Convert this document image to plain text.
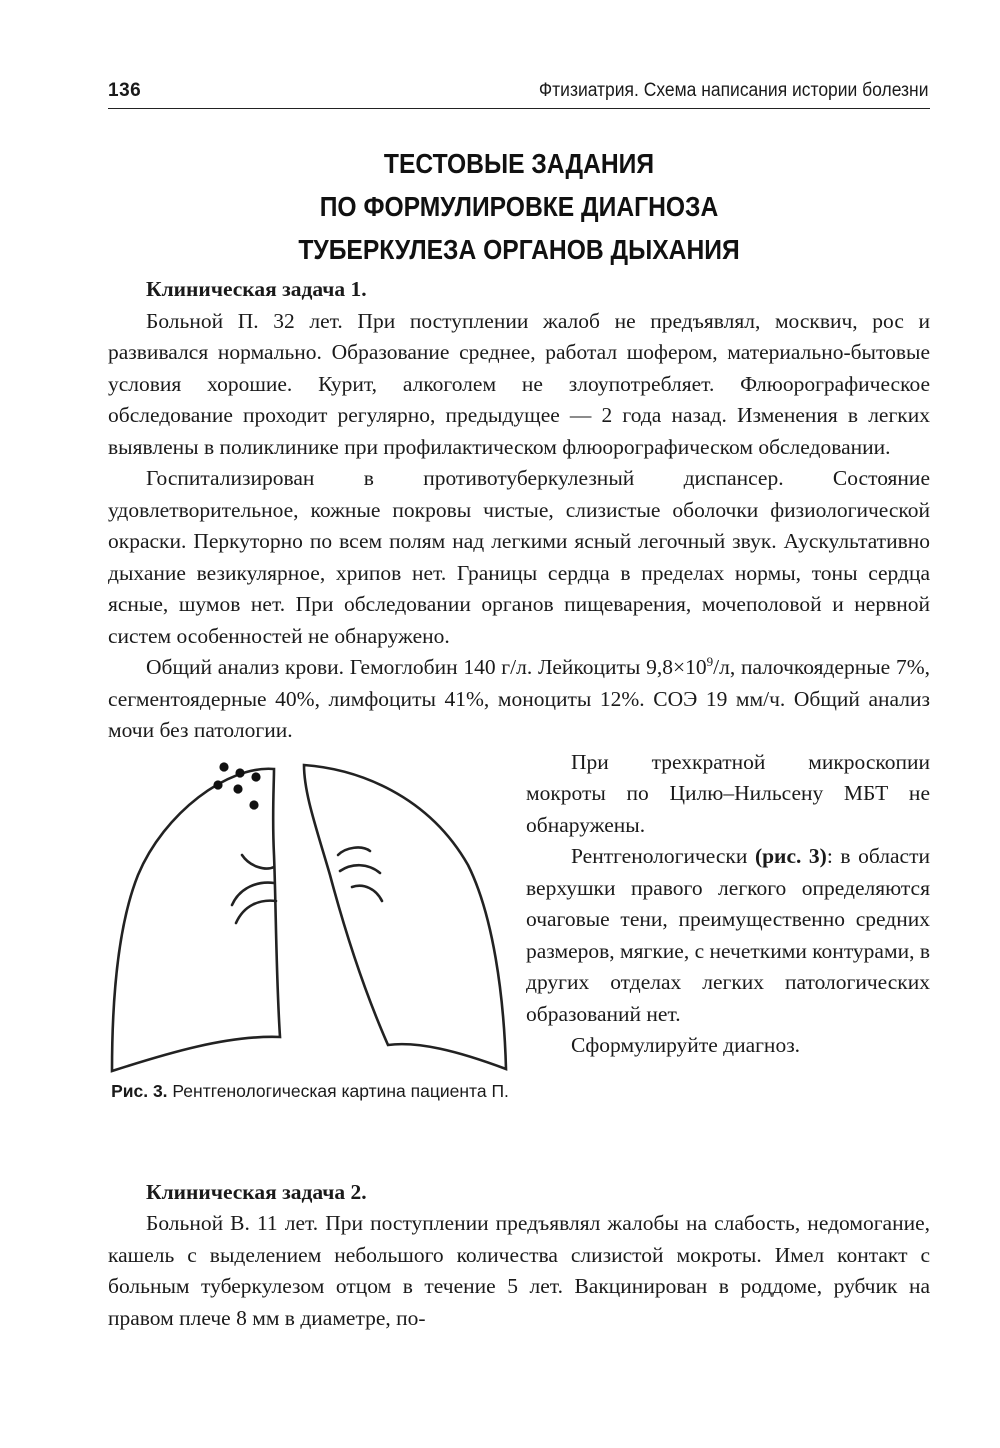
136	Фтизиатрия. Схема написания истории болезни
ТЕСТОВЫЕ ЗАДАНИЯ
ПО ФОРМУЛИРОВКЕ ДИАГНОЗА
ТУБЕРКУЛЕЗА ОРГАНОВ ДЫХАНИЯ

Клиническая задача 1.

Больной П. 32 лет. При поступлении жалоб не предъявлял, москвич, рос и развивался нормально. Образование среднее, работал шофером, материально-бытовые условия хорошие. Курит, алкоголем не злоупотребляет. Флюорографическое обследование проходит регулярно, предыдущее — 2 года назад. Изменения в легких выявлены в поликлинике при профилактическом флюорографическом обследовании.

Госпитализирован в противотуберкулезный диспансер. Состояние удовлетворительное, кожные покровы чистые, слизистые оболочки физиологической окраски. Перкуторно по всем полям над легкими ясный легочный звук. Аускультативно дыхание везикулярное, хрипов нет. Границы сердца в пределах нормы, тоны сердца ясные, шумов нет. При обследовании органов пищеварения, мочеполовой и нервной систем особенностей не обнаружено.

Общий анализ крови. Гемоглобин 140 г/л. Лейкоциты $9,8\times 10^9/л$, палочкоядерные 7%, сегментоядерные 40%, лимфоциты 41%, моноциты 12%. СОЭ 19 мм/ч. Общий анализ мочи без патологии.

Рис. 3. Рентгенологическая картина пациента П.

При трехкратной микроскопии мокроты по Цилю–Нильсену МБТ не обнаружены.

Рентгенологически (рис. 3): в области верхушки правого легкого определяются очаговые тени, преимущественно средних размеров, мягкие, с нечеткими контурами, в других отделах легких патологических образований нет.

Сформулируйте диагноз.

Клиническая задача 2.

Больной В. 11 лет. При поступлении предъявлял жалобы на слабость, недомогание, кашель с выделением небольшого количества слизистой мокроты. Имел контакт с больным туберкулезом отцом в течение 5 лет. Вакцинирован в роддоме, рубчик на правом плече 8 мм в диаметре, по-
